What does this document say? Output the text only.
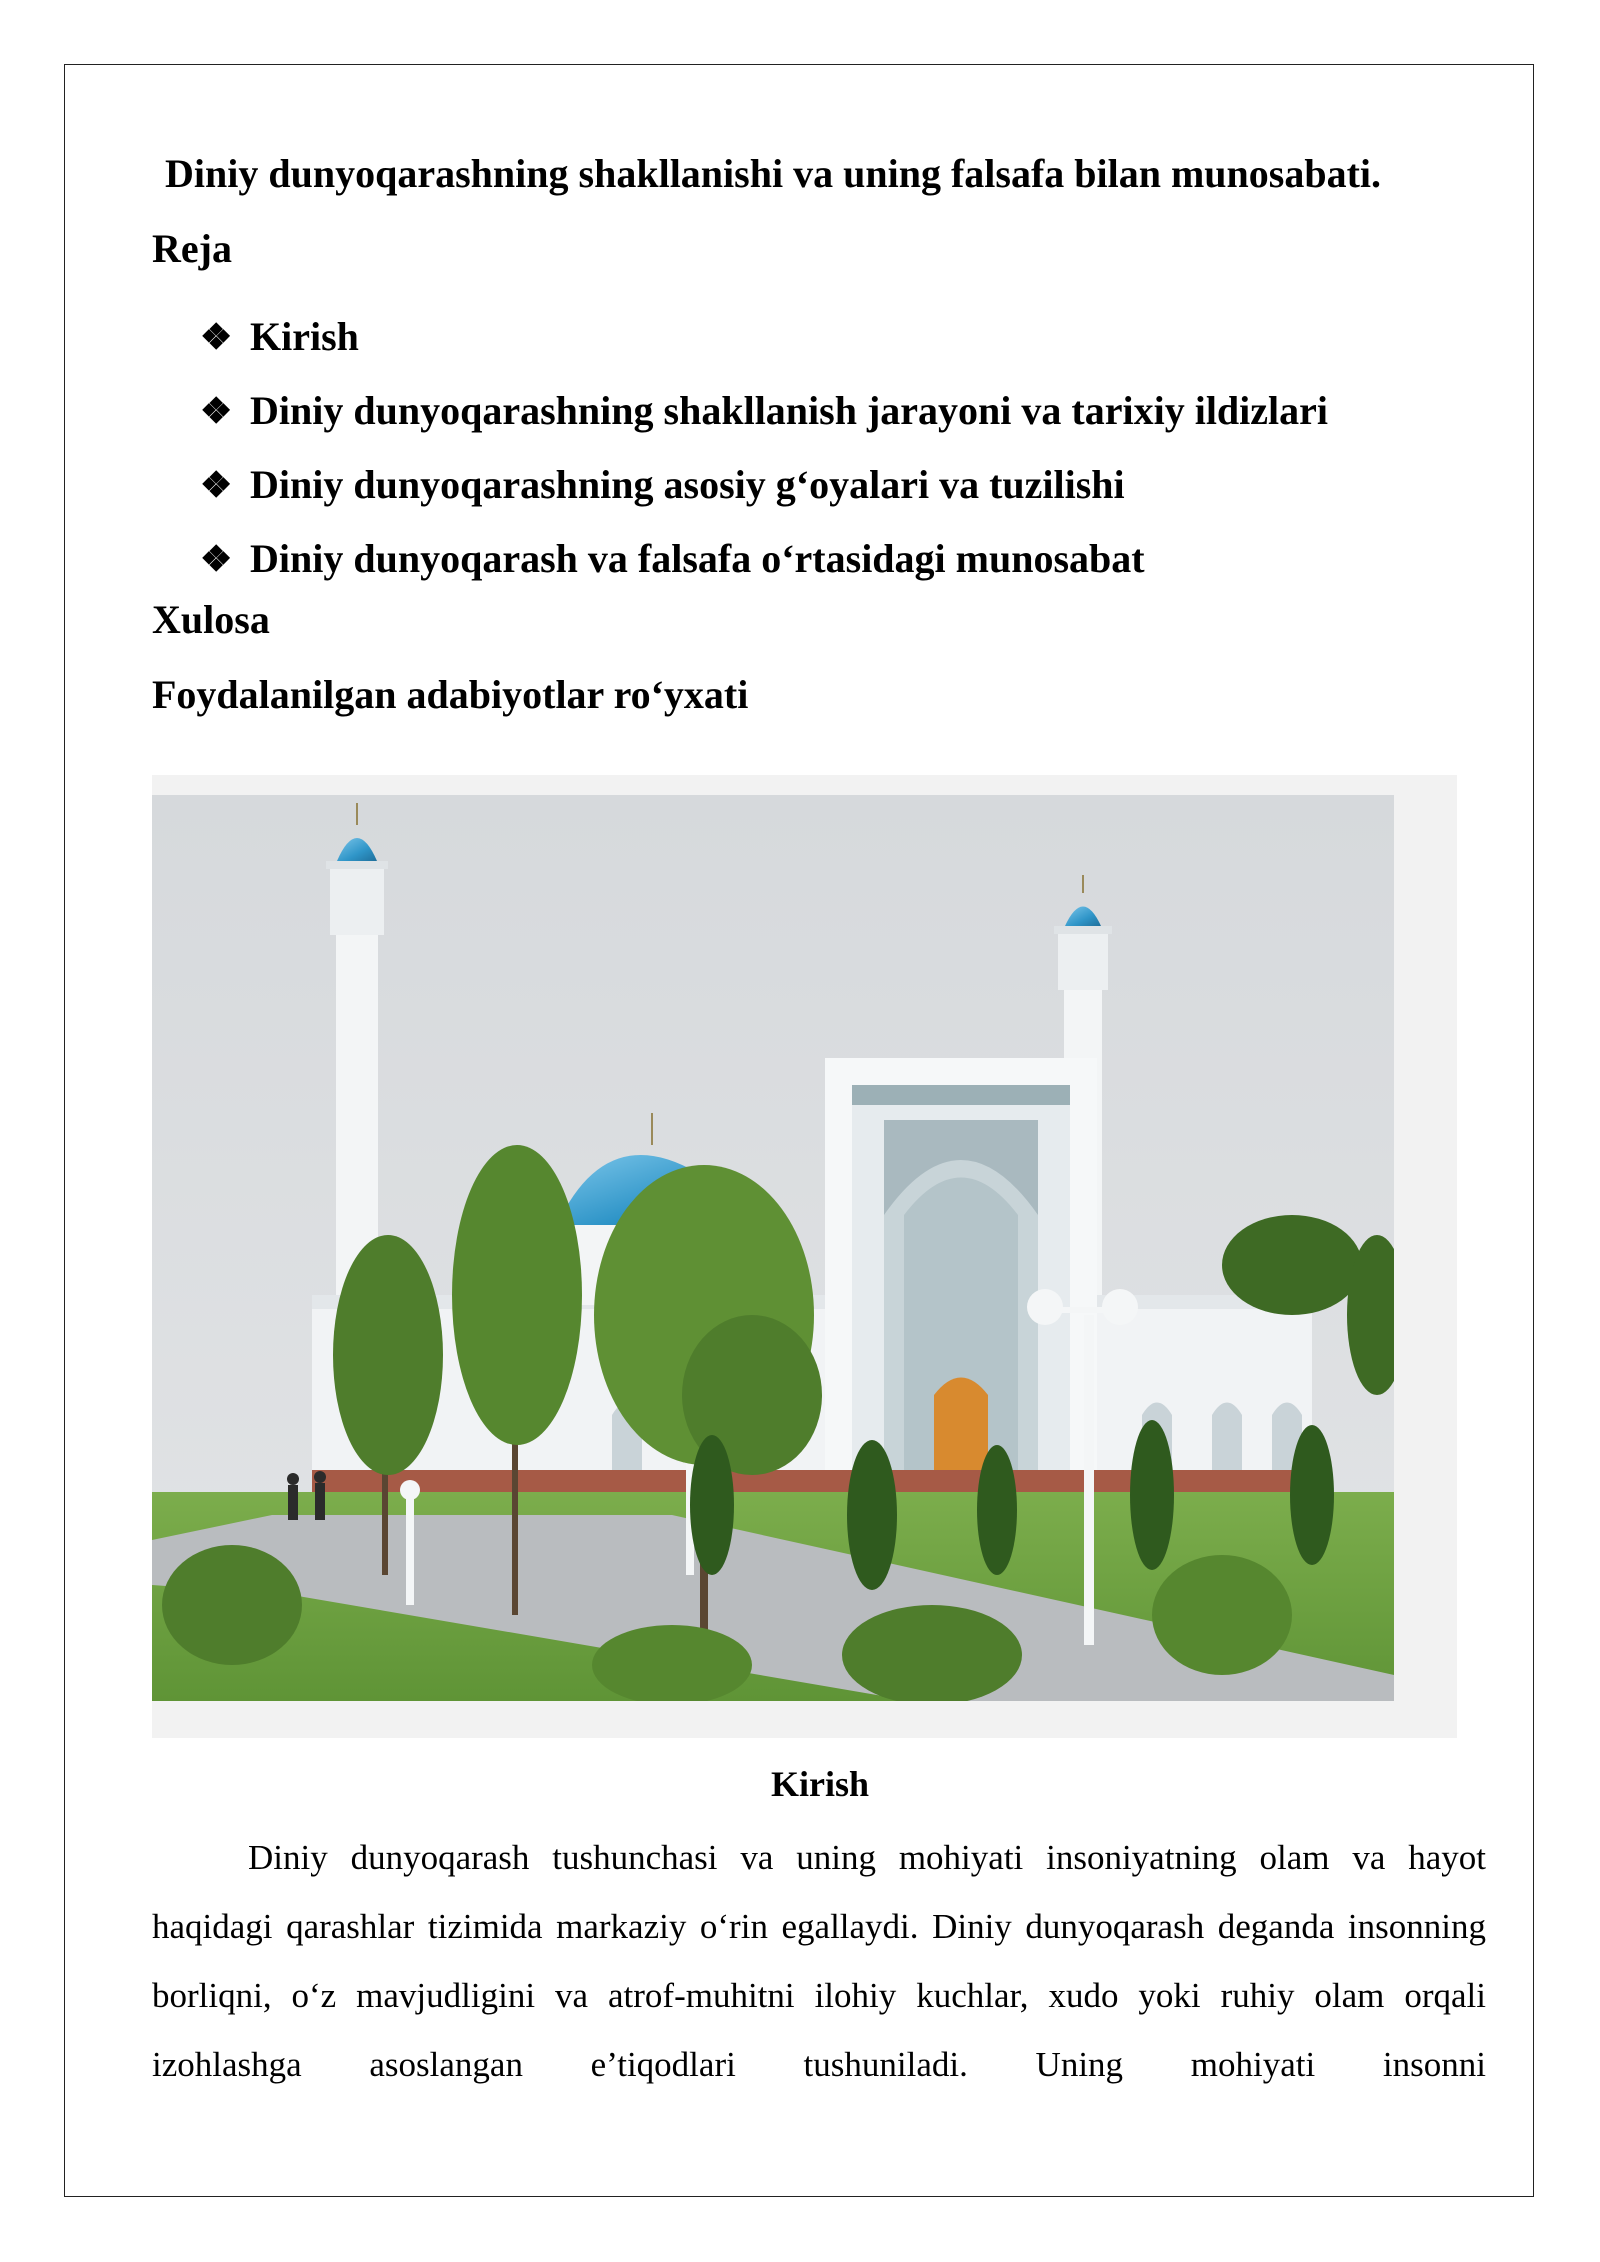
Diniy dunyoqarashning shakllanishi va uning falsafa bilan munosabati.
Reja
❖ Kirish
❖ Diniy dunyoqarashning shakllanish jarayoni va tarixiy ildizlari
❖ Diniy dunyoqarashning asosiy g‘oyalari va tuzilishi
❖ Diniy dunyoqarash va falsafa o‘rtasidagi munosabat
Xulosa
Foydalanilgan adabiyotlar ro‘yxati
Kirish

Diniy dunyoqarash tushunchasi va uning mohiyati insoniyatning olam va hayot haqidagi qarashlar tizimida markaziy o‘rin egallaydi. Diniy dunyoqarash deganda insonning borliqni, o‘z mavjudligini va atrof-muhitni ilohiy kuchlar, xudo yoki ruhiy olam orqali izohlashga asoslangan e’tiqodlari tushuniladi. Uning mohiyati insonni
